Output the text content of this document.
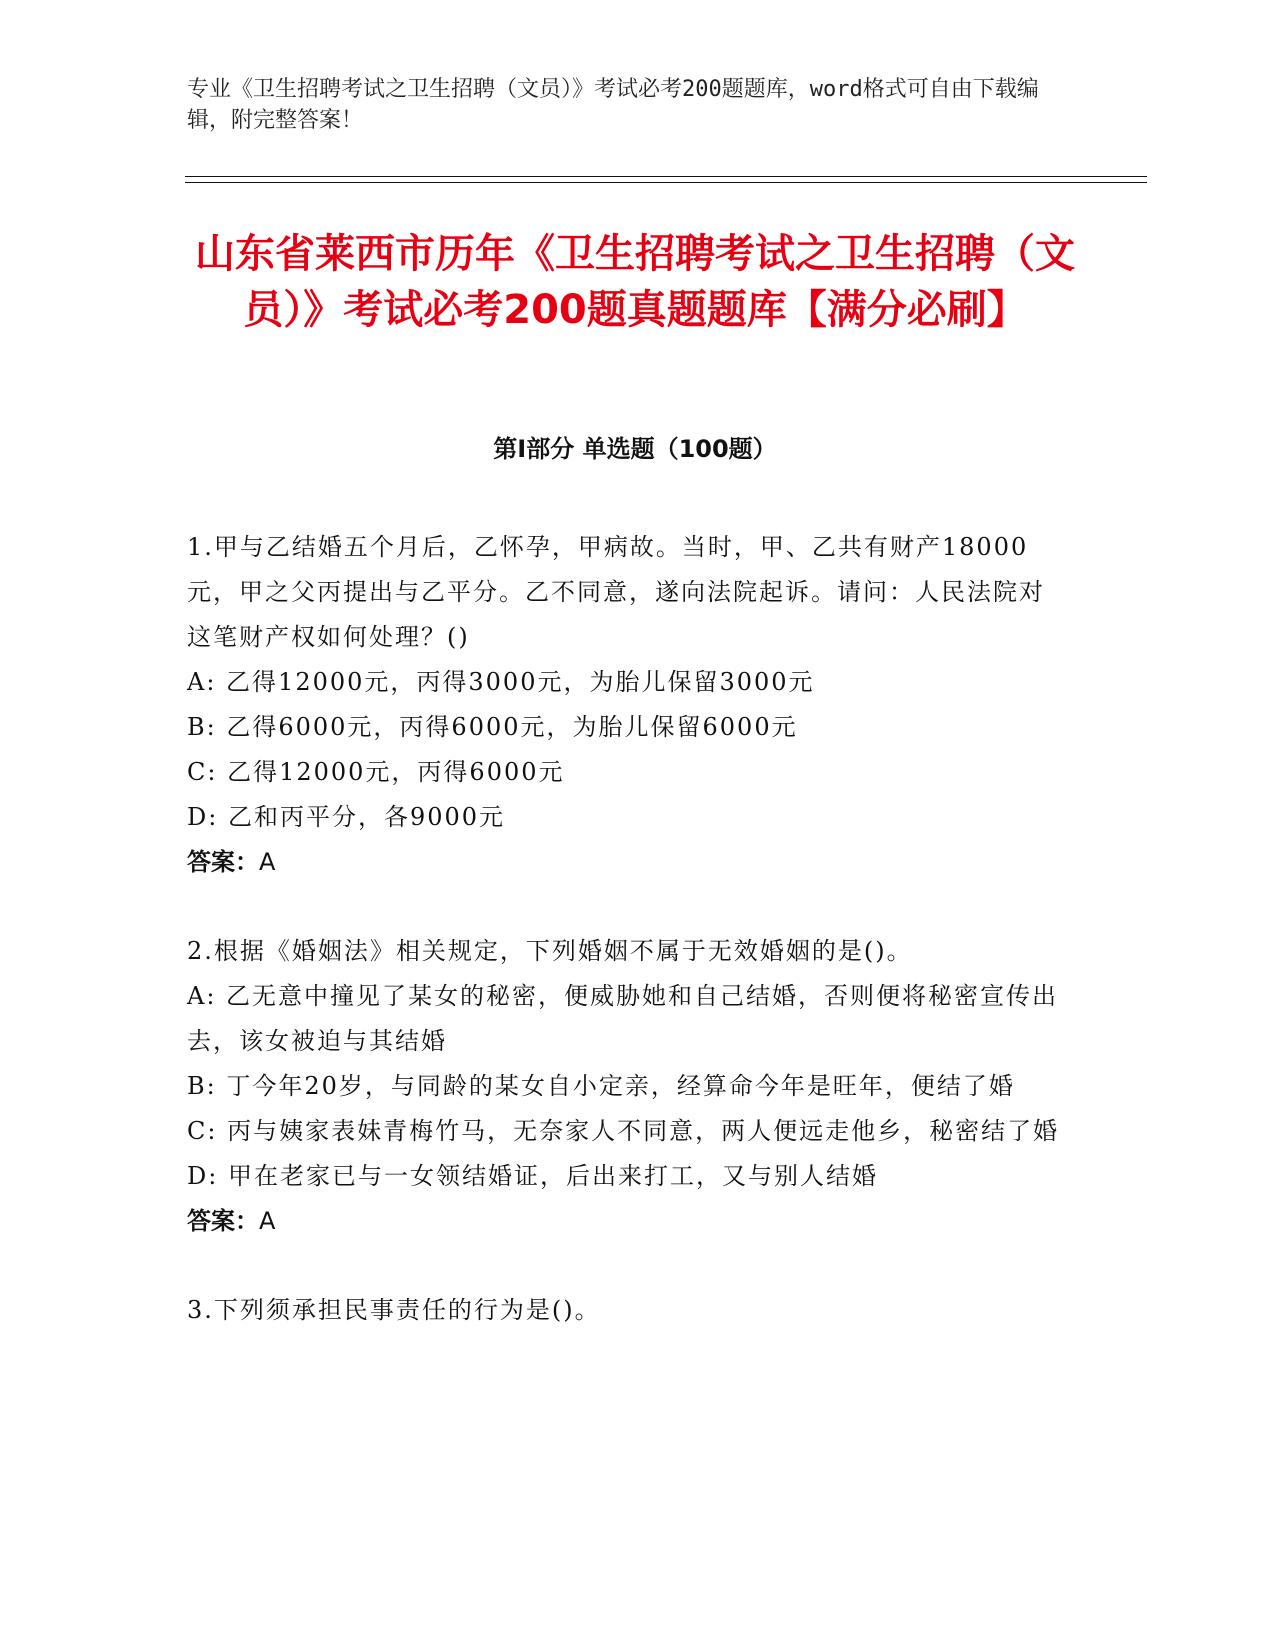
专业《卫生招聘考试之卫生招聘（文员）》考试必考200题题库，word格式可自由下载编辑，附完整答案！
山东省莱西市历年《卫生招聘考试之卫生招聘（文员）》考试必考200题真题题库【满分必刷】
第Ⅰ部分 单选题（100题）

1.甲与乙结婚五个月后，乙怀孕，甲病故。当时，甲、乙共有财产18000元，甲之父丙提出与乙平分。乙不同意，遂向法院起诉。请问：人民法院对这笔财产权如何处理？()

A: 乙得12000元，丙得3000元，为胎儿保留3000元

B: 乙得6000元，丙得6000元，为胎儿保留6000元

C: 乙得12000元，丙得6000元

D: 乙和丙平分，各9000元

答案：A

2.根据《婚姻法》相关规定，下列婚姻不属于无效婚姻的是()。

A: 乙无意中撞见了某女的秘密，便威胁她和自己结婚，否则便将秘密宣传出去，该女被迫与其结婚

B: 丁今年20岁，与同龄的某女自小定亲，经算命今年是旺年，便结了婚

C: 丙与姨家表妹青梅竹马，无奈家人不同意，两人便远走他乡，秘密结了婚

D: 甲在老家已与一女领结婚证，后出来打工，又与别人结婚

答案：A

3.下列须承担民事责任的行为是()。
